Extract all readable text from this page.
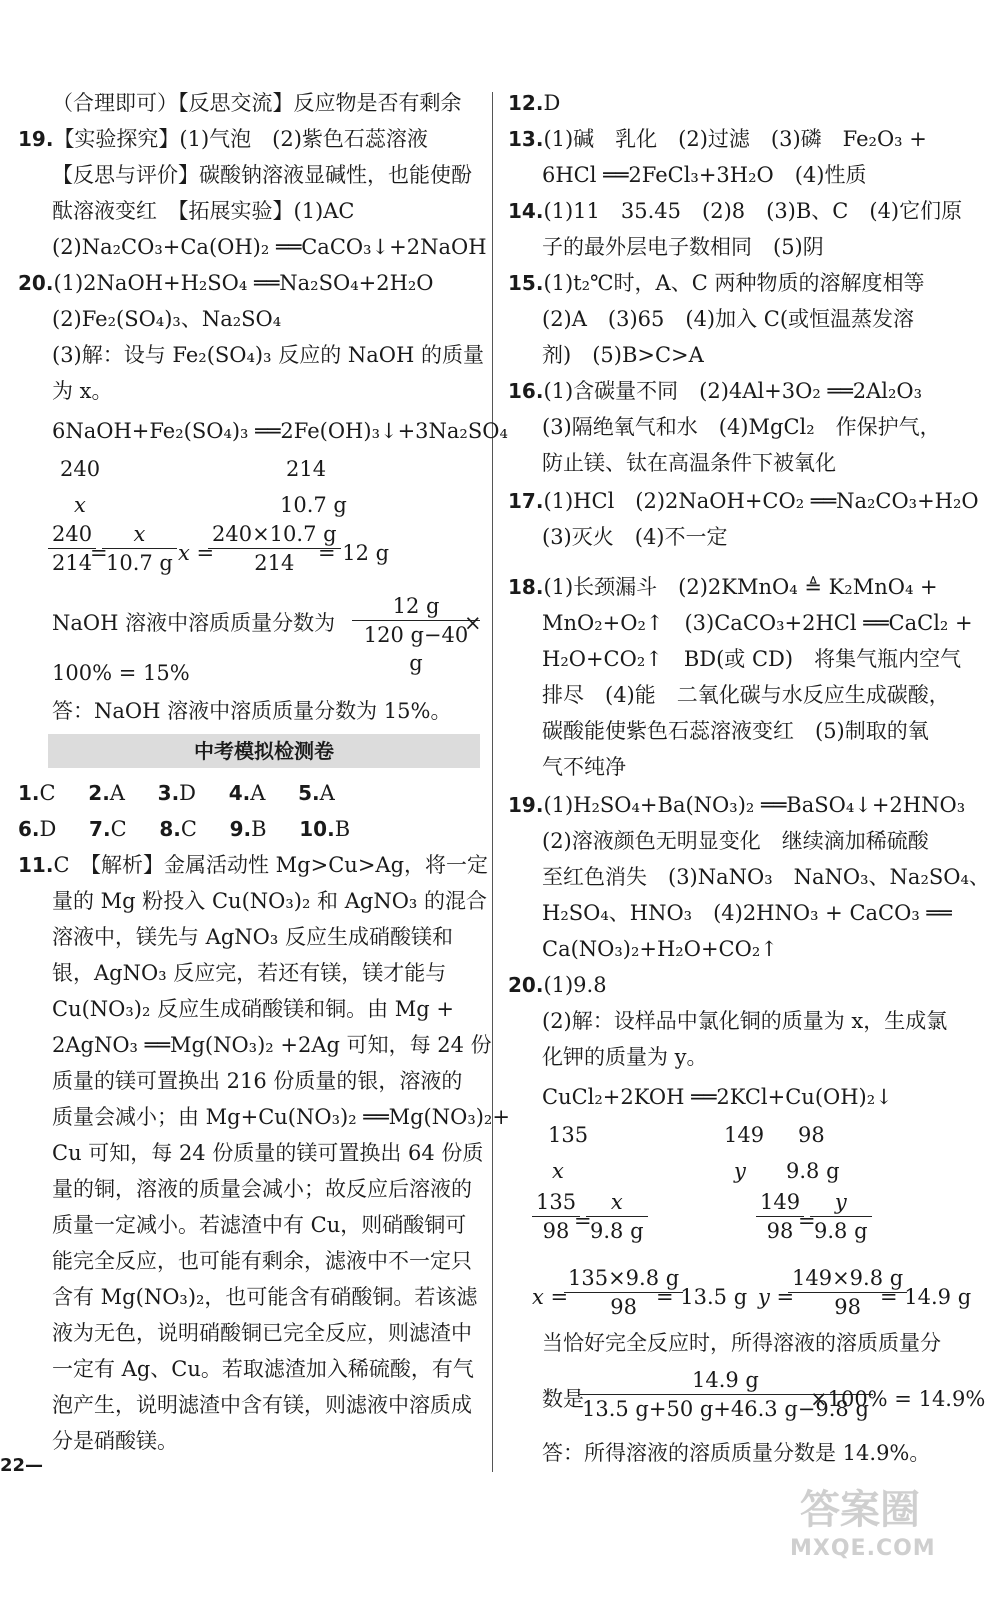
（合理即可）【反思交流】反应物是否有剩余
19.【实验探究】(1)气泡　(2)紫色石蕊溶液
【反思与评价】碳酸钠溶液显碱性，也能使酚
酞溶液变红　【拓展实验】(1)AC
(2)Na₂CO₃+Ca(OH)₂ ══CaCO₃↓+2NaOH
20.(1)2NaOH+H₂SO₄ ══Na₂SO₄+2H₂O
(2)Fe₂(SO₄)₃、Na₂SO₄
(3)解：设与 Fe₂(SO₄)₃ 反应的 NaOH 的质量
为 x。
6NaOH+Fe₂(SO₄)₃ ══2Fe(OH)₃↓+3Na₂SO₄
240	214
x	10.7 g
$\frac{240}{214}$
=
$\frac{x}{10.7 g}$ x =
$\frac{240\times 10.7 g}{214}$
= 12 g
NaOH 溶液中溶质质量分数为 $\frac{12 g}{120 g-40 g}$
×
100% = 15%
答：NaOH 溶液中溶质质量分数为 15%。
中考模拟检测卷
1.C 2.A 3.D 4.A 5.A
6.D 7.C 8.C 9.B 10.B
11.C　【解析】金属活动性 Mg>Cu>Ag，将一定
量的 Mg 粉投入 Cu(NO₃)₂ 和 AgNO₃ 的混合
溶液中，镁先与 AgNO₃ 反应生成硝酸镁和
银，AgNO₃ 反应完，若还有镁，镁才能与
Cu(NO₃)₂ 反应生成硝酸镁和铜。由 Mg +
2AgNO₃ ══Mg(NO₃)₂ +2Ag 可知，每 24 份
质量的镁可置换出 216 份质量的银，溶液的
质量会减小；由 Mg+Cu(NO₃)₂ ══Mg(NO₃)₂+
Cu 可知，每 24 份质量的镁可置换出 64 份质
量的铜，溶液的质量会减小；故反应后溶液的
质量一定减小。若滤渣中有 Cu，则硝酸铜可
能完全反应，也可能有剩余，滤液中不一定只
含有 Mg(NO₃)₂，也可能含有硝酸铜。若该滤
液为无色，说明硝酸铜已完全反应，则滤渣中
一定有 Ag、Cu。若取滤渣加入稀硫酸，有气
泡产生，说明滤渣中含有镁，则滤液中溶质成
分是硝酸镁。
22—
12.D
13.(1)碱　乳化　(2)过滤　(3)磷　Fe₂O₃ +
6HCl ══2FeCl₃+3H₂O　(4)性质
14.(1)11　35.45　(2)8　(3)B、C　(4)它们原
子的最外层电子数相同　(5)阴
15.(1)t₂℃时，A、C 两种物质的溶解度相等
(2)A　(3)65　(4)加入 C(或恒温蒸发溶
剂)　(5)B>C>A
16.(1)含碳量不同　(2)4Al+3O₂ ══2Al₂O₃
(3)隔绝氧气和水　(4)MgCl₂　作保护气，
防止镁、钛在高温条件下被氧化
17.(1)HCl　(2)2NaOH+CO₂ ══Na₂CO₃+H₂O
(3)灭火　(4)不一定
18.(1)长颈漏斗　(2)2KMnO₄ ≜ K₂MnO₄ +
MnO₂+O₂↑　(3)CaCO₃+2HCl ══CaCl₂ +
H₂O+CO₂↑　BD(或 CD)　将集气瓶内空气
排尽　(4)能　二氧化碳与水反应生成碳酸，
碳酸能使紫色石蕊溶液变红　(5)制取的氧
气不纯净
19.(1)H₂SO₄+Ba(NO₃)₂ ══BaSO₄↓+2HNO₃
(2)溶液颜色无明显变化　继续滴加稀硫酸
至红色消失　(3)NaNO₃　NaNO₃、Na₂SO₄、
H₂SO₄、HNO₃　(4)2HNO₃ + CaCO₃ ══
Ca(NO₃)₂+H₂O+CO₂↑
20.(1)9.8
(2)解：设样品中氯化铜的质量为 x，生成氯
化钾的质量为 y。
CuCl₂+2KOH ══2KCl+Cu(OH)₂↓
135	149 98
x	y 9.8 g
$\frac{135}{98}$
=
$\frac{x}{9.8 g}$	$\frac{149}{98}$
=
$\frac{y}{9.8 g}$
x =
$\frac{135\times 9.8 g}{98}$
= 13.5 g y =
$\frac{149\times 9.8 g}{98}$
= 14.9 g
当恰好完全反应时，所得溶液的溶质质量分
数是
$\frac{14.9 g}{13.5 g+50 g+46.3 g-9.8 g}$
×100% = 14.9%
答：所得溶液的溶质质量分数是 14.9%。
答案圈
MXQE.COM
